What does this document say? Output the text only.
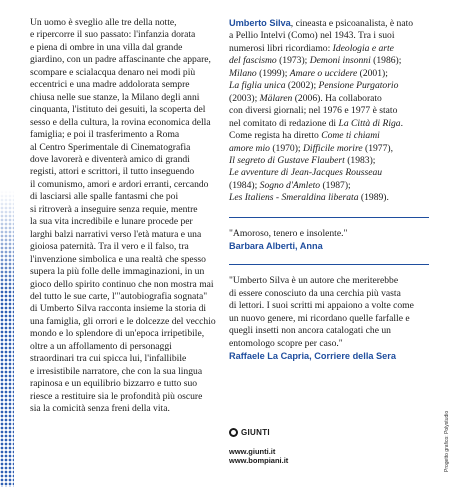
Un uomo è sveglio alle tre della notte,
e ripercorre il suo passato: l'infanzia dorata
e piena di ombre in una villa dal grande
giardino, con un padre affascinante che appare,
scompare e scialacqua denaro nei modi più
eccentrici e una madre addolorata sempre
chiusa nelle sue stanze, la Milano degli anni
cinquanta, l'istituto dei gesuiti, la scoperta del
sesso e della cultura, la rovina economica della
famiglia; e poi il trasferimento a Roma
al Centro Sperimentale di Cinematografia
dove lavorerà e diventerà amico di grandi
registi, attori e scrittori, il tutto inseguendo
il comunismo, amori e ardori erranti, cercando
di lasciarsi alle spalle fantasmi che poi
si ritroverà a inseguire senza requie, mentre
la sua vita incredibile e lunare procede per
larghi balzi narrativi verso l'età matura e una
gioiosa paternità. Tra il vero e il falso, tra
l'invenzione simbolica e una realtà che spesso
supera la più folle delle immaginazioni, in un
gioco dello spirito continuo che non mostra mai
del tutto le sue carte, l'"autobiografia sognata"
di Umberto Silva racconta insieme la storia di
una famiglia, gli orrori e le dolcezze del vecchio
mondo e lo splendore di un'epoca irripetibile,
oltre a un affollamento di personaggi
straordinari tra cui spicca lui, l'infallibile
e irresistibile narratore, che con la sua lingua
rapinosa e un equilibrio bizzarro e tutto suo
riesce a restituire sia le profondità più oscure
sia la comicità senza freni della vita.
Umberto Silva, cineasta e psicoanalista, è nato
a Pellio Intelvi (Como) nel 1943. Tra i suoi
numerosi libri ricordiamo: Ideologia e arte
del fascismo (1973); Demoni insonni (1986);
Milano (1999); Amare o uccidere (2001);
La figlia unica (2002); Pensione Purgatorio
(2003); Mälaren (2006). Ha collaborato
con diversi giornali; nel 1976 e 1977 è stato
nel comitato di redazione di La Città di Riga.
Come regista ha diretto Come ti chiami
amore mio (1970); Difficile morire (1977),
Il segreto di Gustave Flaubert (1983);
Le avventure di Jean-Jacques Rousseau
(1984); Sogno d'Amleto (1987);
Les Italiens - Smeraldina liberata (1989).
"Amoroso, tenero e insolente."
Barbara Alberti, Anna
"Umberto Silva è un autore che meriterebbe
di essere conosciuto da una cerchia più vasta
di lettori. I suoi scritti mi appaiono a volte come
un nuovo genere, mi ricordano quelle farfalle e
quegli insetti non ancora catalogati che un
entomologo scopre per caso."
Raffaele La Capria, Corriere della Sera
GIUNTI
www.giunti.it
www.bompiani.it	Progetto grafico: Polystudio
